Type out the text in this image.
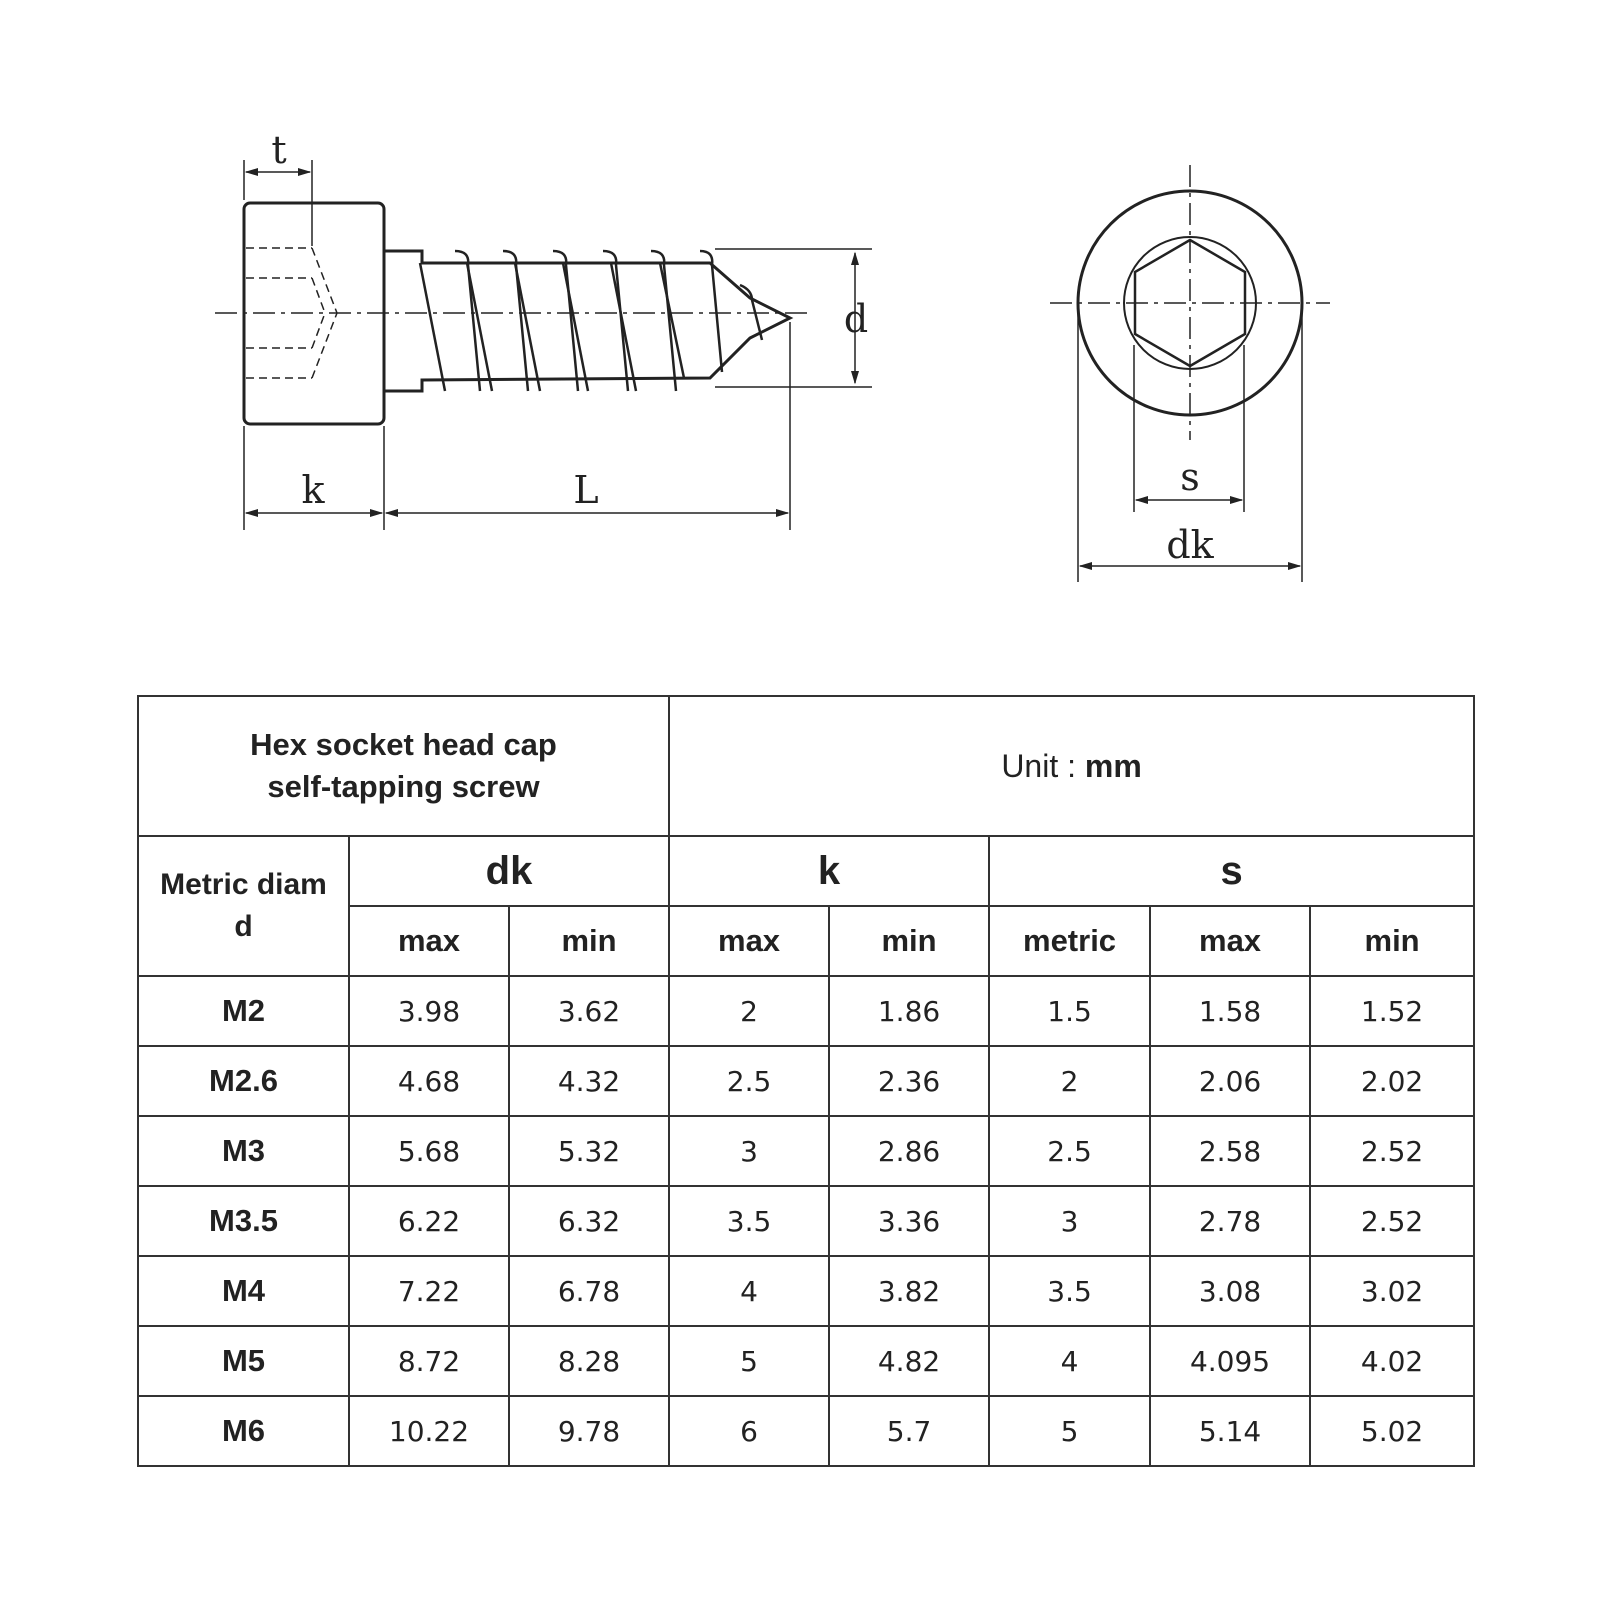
t
k	L
d
s
dk
Hex socket head cap
self-tapping screw			Unit : mm				
Metric diam
d	dk		k		s		
	max	min	max	min	metric	max	min
M2	3.98	3.62	2	1.86	1.5	1.58	1.52
M2.6	4.68	4.32	2.5	2.36	2	2.06	2.02
M3	5.68	5.32	3	2.86	2.5	2.58	2.52
M3.5	6.22	6.32	3.5	3.36	3	2.78	2.52
M4	7.22	6.78	4	3.82	3.5	3.08	3.02
M5	8.72	8.28	5	4.82	4	4.095	4.02
M6	10.22	9.78	6	5.7	5	5.14	5.02
